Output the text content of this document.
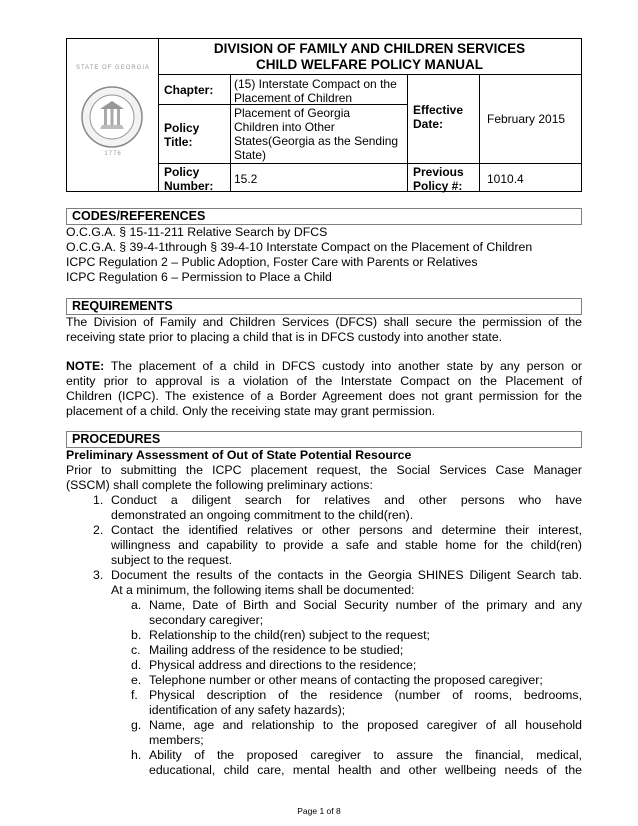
STATE OF GEORGIA
1776
DIVISION OF FAMILY AND CHILDREN SERVICES
CHILD WELFARE POLICY MANUAL
Chapter: (15) Interstate Compact on the
Placement of Children
Policy
Title:
Placement of Georgia
Children into Other
States(Georgia as the Sending
State)
Effective
Date:	February 2015
Policy
Number: 15.2	Previous
Policy #: 1010.4
CODES/REFERENCES
O.C.G.A. § 15-11-211 Relative Search by DFCS
O.C.G.A. § 39-4-1through § 39-4-10 Interstate Compact on the Placement of Children
ICPC Regulation 2 – Public Adoption, Foster Care with Parents or Relatives
ICPC Regulation 6 – Permission to Place a Child
REQUIREMENTS
The Division of Family and Children Services (DFCS) shall secure the permission of the
receiving state prior to placing a child that is in DFCS custody into another state.
NOTE: The placement of a child in DFCS custody into another state by any person or
entity prior to approval is a violation of the Interstate Compact on the Placement of
Children (ICPC). The existence of a Border Agreement does not grant permission for the
placement of a child. Only the receiving state may grant permission.
PROCEDURES
Preliminary Assessment of Out of State Potential Resource
Prior to submitting the ICPC placement request, the Social Services Case Manager
(SSCM) shall complete the following preliminary actions:
1. Conduct a diligent search for relatives and other persons who have
demonstrated an ongoing commitment to the child(ren).
2. Contact the identified relatives or other persons and determine their interest,
willingness and capability to provide a safe and stable home for the child(ren)
subject to the request.
3. Document the results of the contacts in the Georgia SHINES Diligent Search tab.
At a minimum, the following items shall be documented:
a. Name, Date of Birth and Social Security number of the primary and any
secondary caregiver;
b. Relationship to the child(ren) subject to the request;
c. Mailing address of the residence to be studied;
d. Physical address and directions to the residence;
e. Telephone number or other means of contacting the proposed caregiver;
f. Physical description of the residence (number of rooms, bedrooms,
identification of any safety hazards);
g. Name, age and relationship to the proposed caregiver of all household
members;
h. Ability of the proposed caregiver to assure the financial, medical,
educational, child care, mental health and other wellbeing needs of the
Page 1 of 8
